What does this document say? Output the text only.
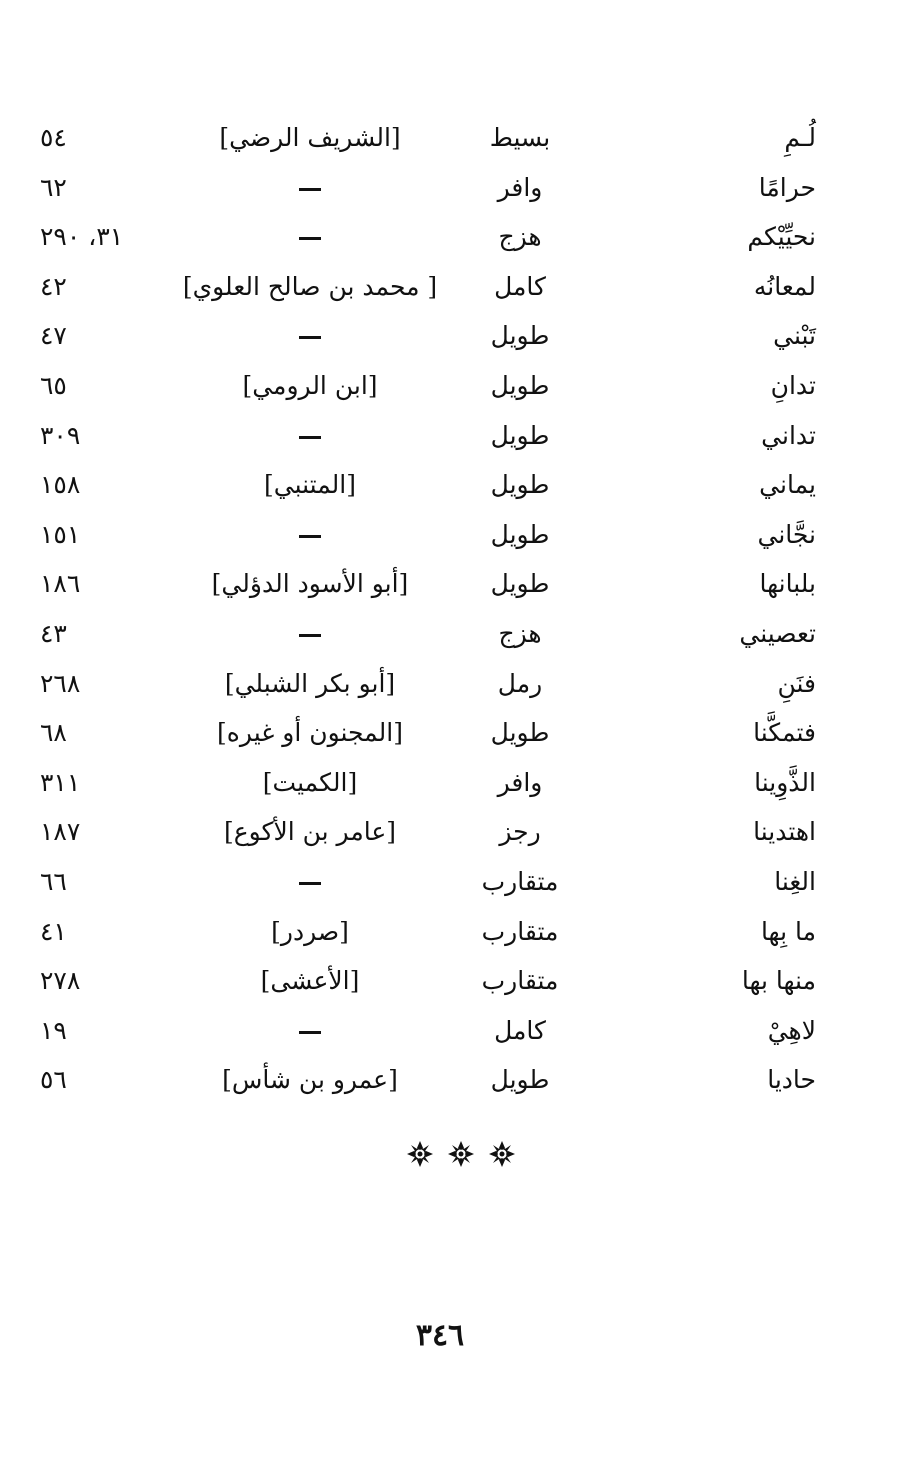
لُـمِ
بسيط
[الشريف الرضي]
٥٤
حرامًا
وافر
٦٢
نحيِّيْكم
هزج
٣١، ٢٩٠
لمعانُه
كامل
[ محمد بن صالح العلوي]
٤٢
تَبْني
طويل
٤٧
تدانِ
طويل
[ابن الرومي]
٦٥
تداني
طويل
٣٠٩
يماني
طويل
[المتنبي]
١٥٨
نجَّاني
طويل
١٥١
بلبانها
طويل
[أبو الأسود الدؤلي]
١٨٦
تعصيني
هزج
٤٣
فنَنِ
رمل
[أبو بكر الشبلي]
٢٦٨
فتمكَّنا
طويل
[المجنون أو غيره]
٦٨
الذَّوِينا
وافر
[الكميت]
٣١١
اهتدينا
رجز
[عامر بن الأكوع]
١٨٧
الغِنا
متقارب
٦٦
ما بِها
متقارب
[صردر]
٤١
منها بها
متقارب
[الأعشى]
٢٧٨
لاهِيْ
كامل
١٩
حاديا
طويل
[عمرو بن شأس]
٥٦

٣٤٦
